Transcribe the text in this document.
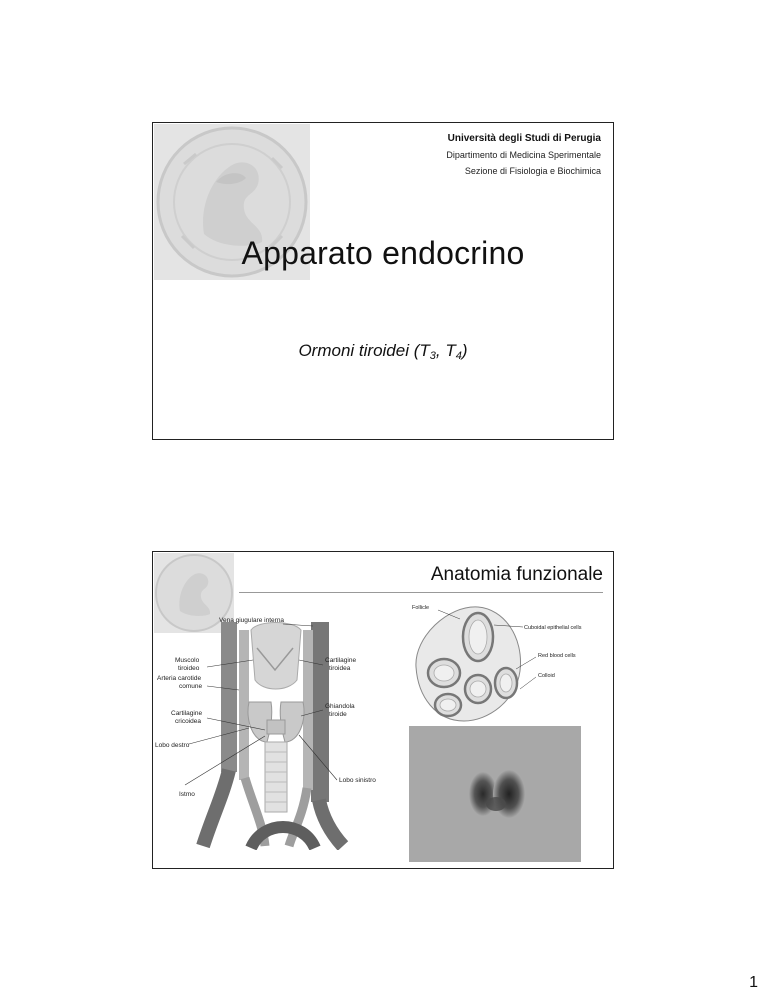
Università degli Studi di Perugia
Dipartimento di Medicina Sperimentale
Sezione di Fisiologia e Biochimica
Apparato endocrino
Ormoni tiroidei ($T_3$, $T_4$)
Anatomia funzionale
Vena giugulare interna
Muscolo
tiroideo
Arteria carotide
comune
Cartilagine
cricoidea
Lobo destro
Istmo
Cartilagine
tiroidea
Ghiandola
tiroide
Lobo sinistro
Follicle
Cuboidal epithelial cells
Red blood cells
Colloid
1
